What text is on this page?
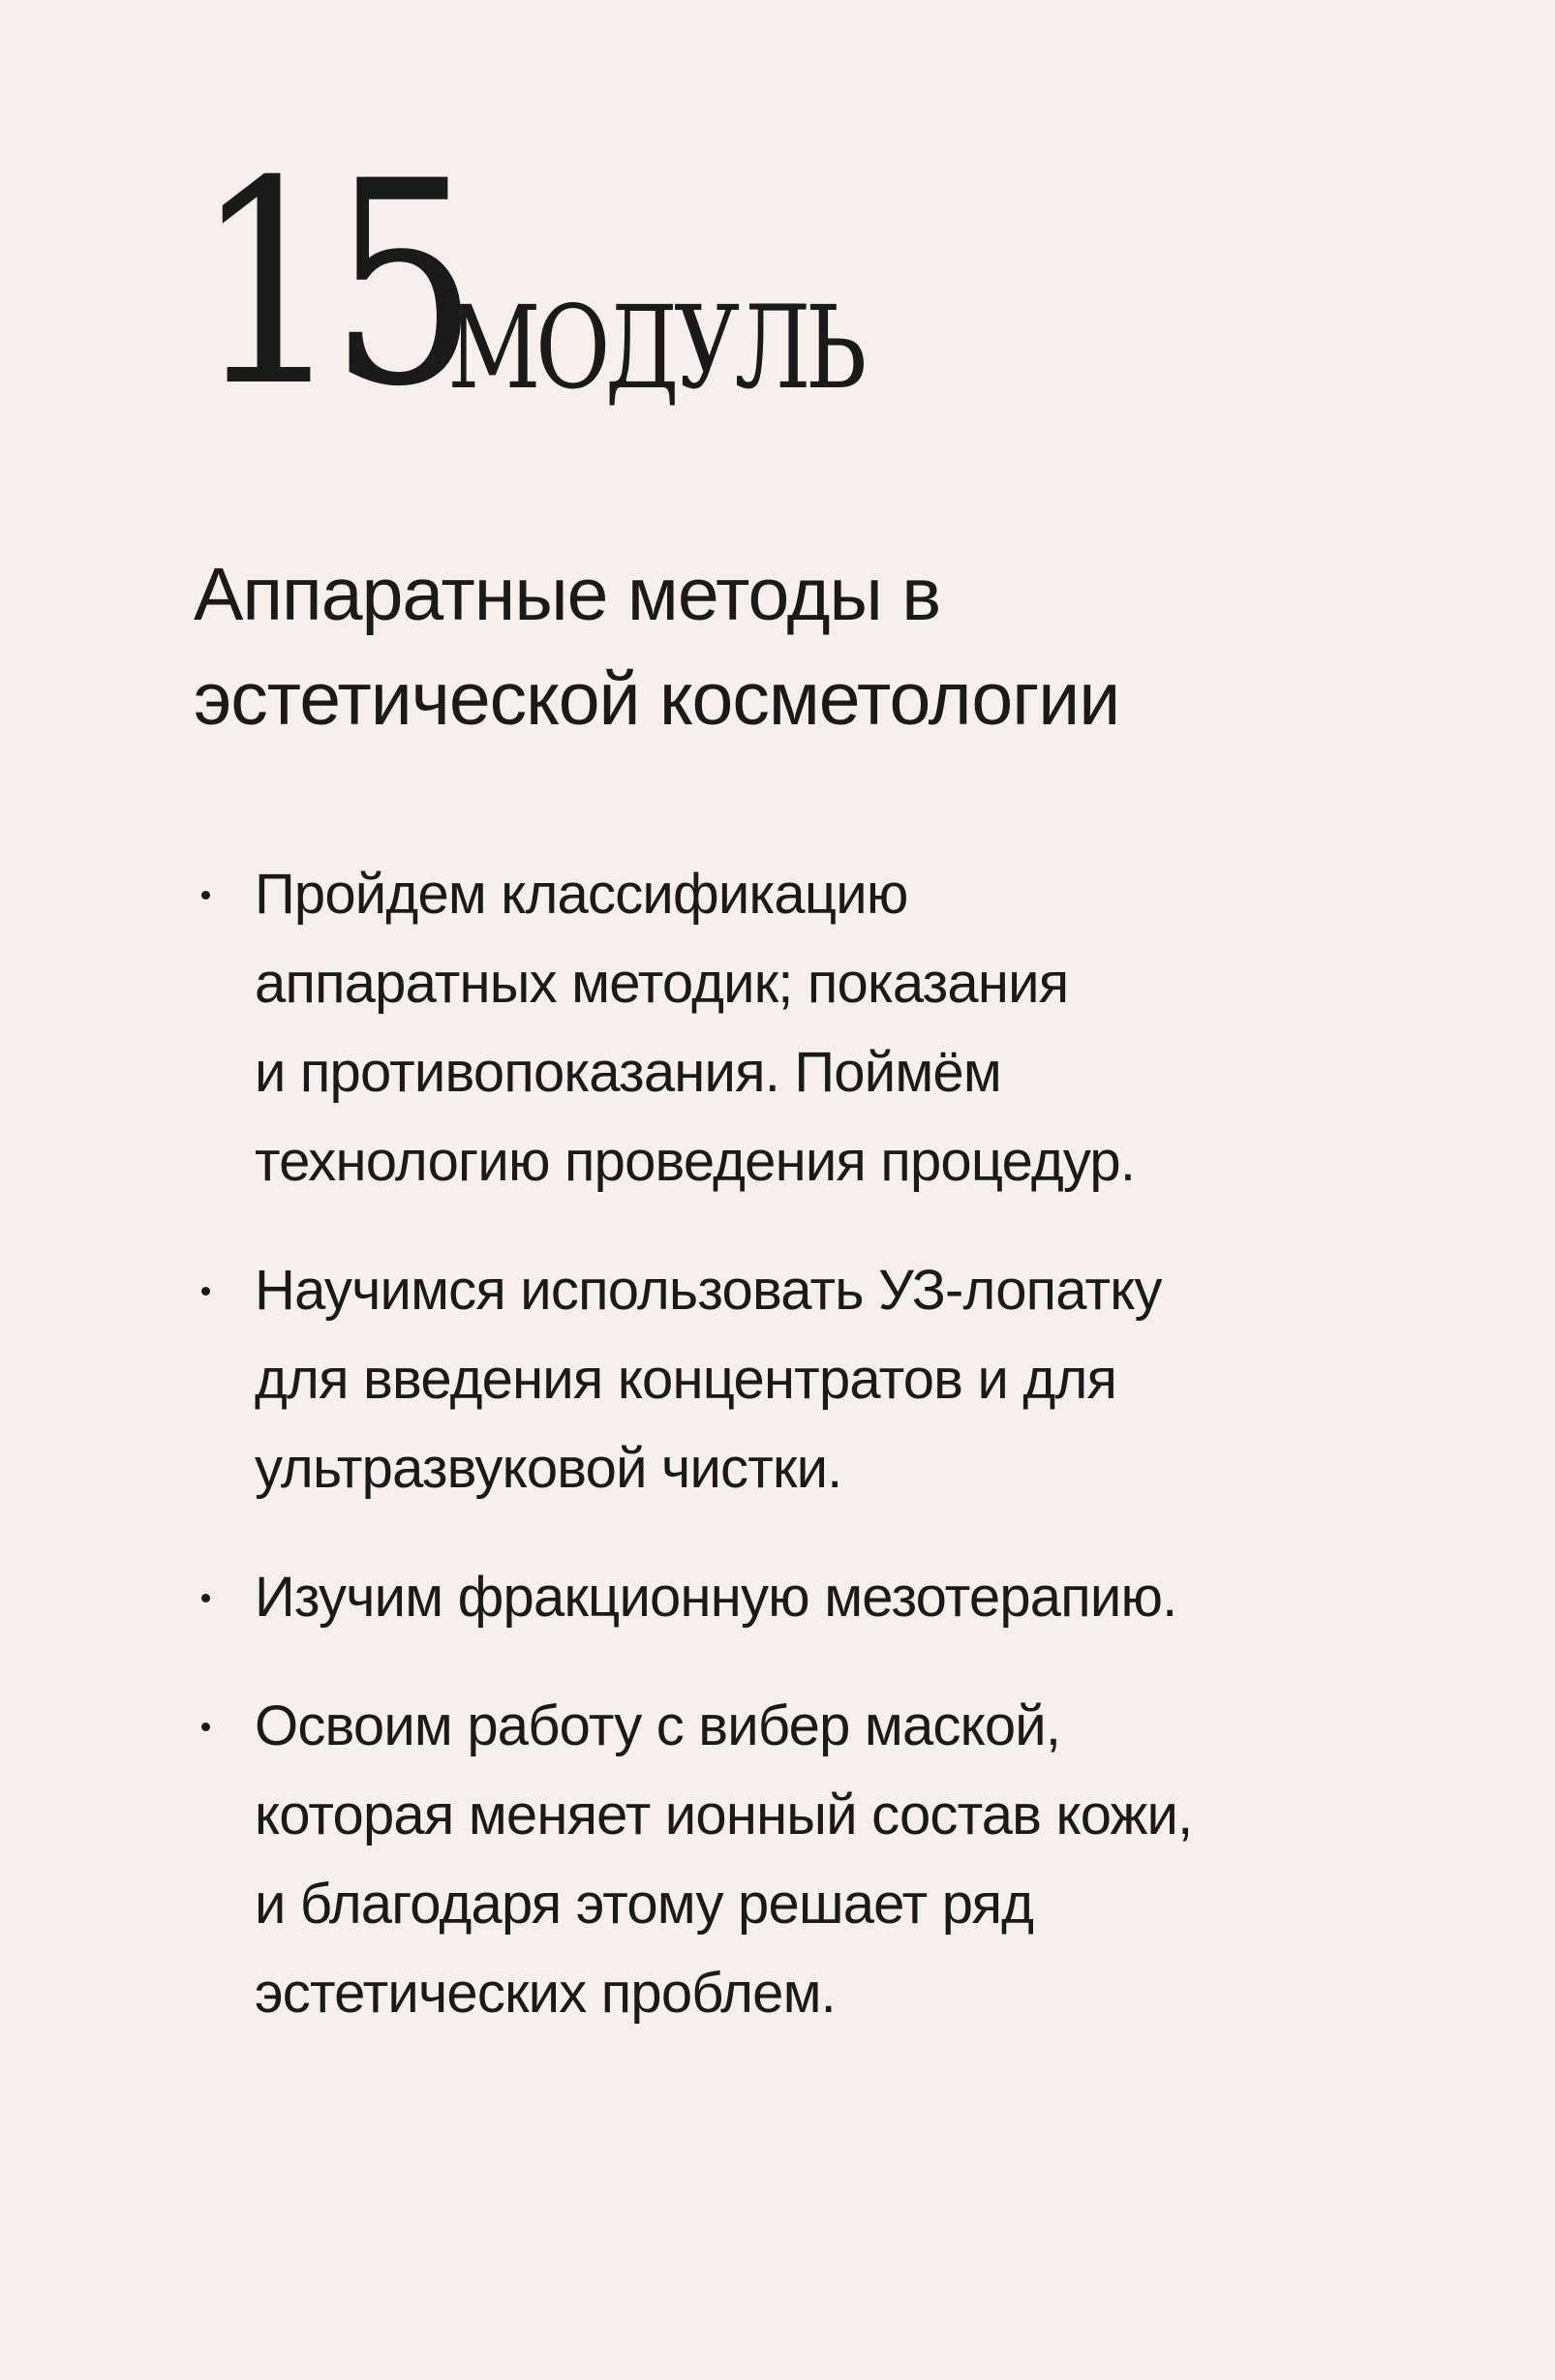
15
МОДУЛЬ
Аппаратные методы в
эстетической косметологии
Пройдем классификацию
аппаратных методик; показания
и противопоказания. Поймём
технологию проведения процедур.
Научимся использовать УЗ-лопатку
для введения концентратов и для
ультразвуковой чистки.
Изучим фракционную мезотерапию.
Освоим работу с вибер маской,
которая меняет ионный состав кожи,
и благодаря этому решает ряд
эстетических проблем.
